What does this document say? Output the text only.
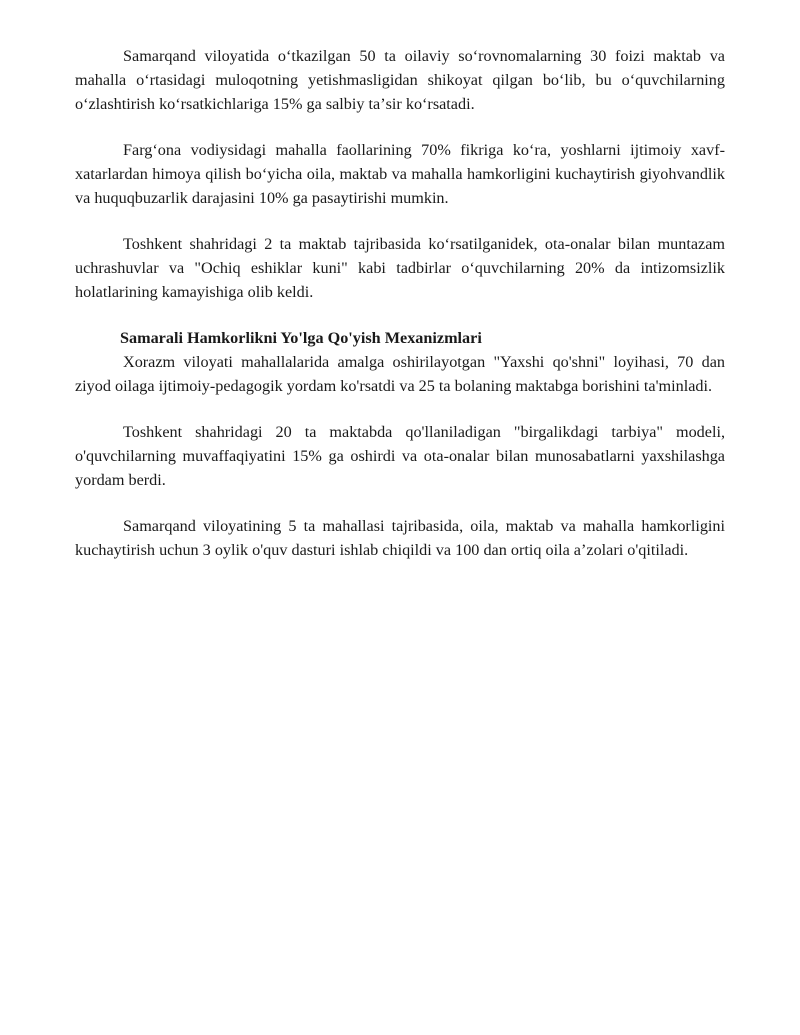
Samarqand viloyatida oʻtkazilgan 50 ta oilaviy soʻrovnomalarning 30 foizi maktab va mahalla oʻrtasidagi muloqotning yetishmasligidan shikoyat qilgan boʻlib, bu oʻquvchilarning oʻzlashtirish koʻrsatkichlariga 15% ga salbiy taʼsir koʻrsatadi.

Fargʻona vodiysidagi mahalla faollarining 70% fikriga koʻra, yoshlarni ijtimoiy xavf-xatarlardan himoya qilish boʻyicha oila, maktab va mahalla hamkorligini kuchaytirish giyohvandlik va huquqbuzarlik darajasini 10% ga pasaytirishi mumkin.

Toshkent shahridagi 2 ta maktab tajribasida koʻrsatilganidek, ota-onalar bilan muntazam uchrashuvlar va "Ochiq eshiklar kuni" kabi tadbirlar oʻquvchilarning 20% da intizomsizlik holatlarining kamayishiga olib keldi.

Samarali Hamkorlikni Yo'lga Qo'yish Mexanizmlari

Xorazm viloyati mahallalarida amalga oshirilayotgan "Yaxshi qo'shni" loyihasi, 70 dan ziyod oilaga ijtimoiy-pedagogik yordam ko'rsatdi va 25 ta bolaning maktabga borishini ta'minladi.

Toshkent shahridagi 20 ta maktabda qo'llaniladigan "birgalikdagi tarbiya" modeli, o'quvchilarning muvaffaqiyatini 15% ga oshirdi va ota-onalar bilan munosabatlarni yaxshilashga yordam berdi.

Samarqand viloyatining 5 ta mahallasi tajribasida, oila, maktab va mahalla hamkorligini kuchaytirish uchun 3 oylik o'quv dasturi ishlab chiqildi va 100 dan ortiq oila a’zolari o'qitiladi.
